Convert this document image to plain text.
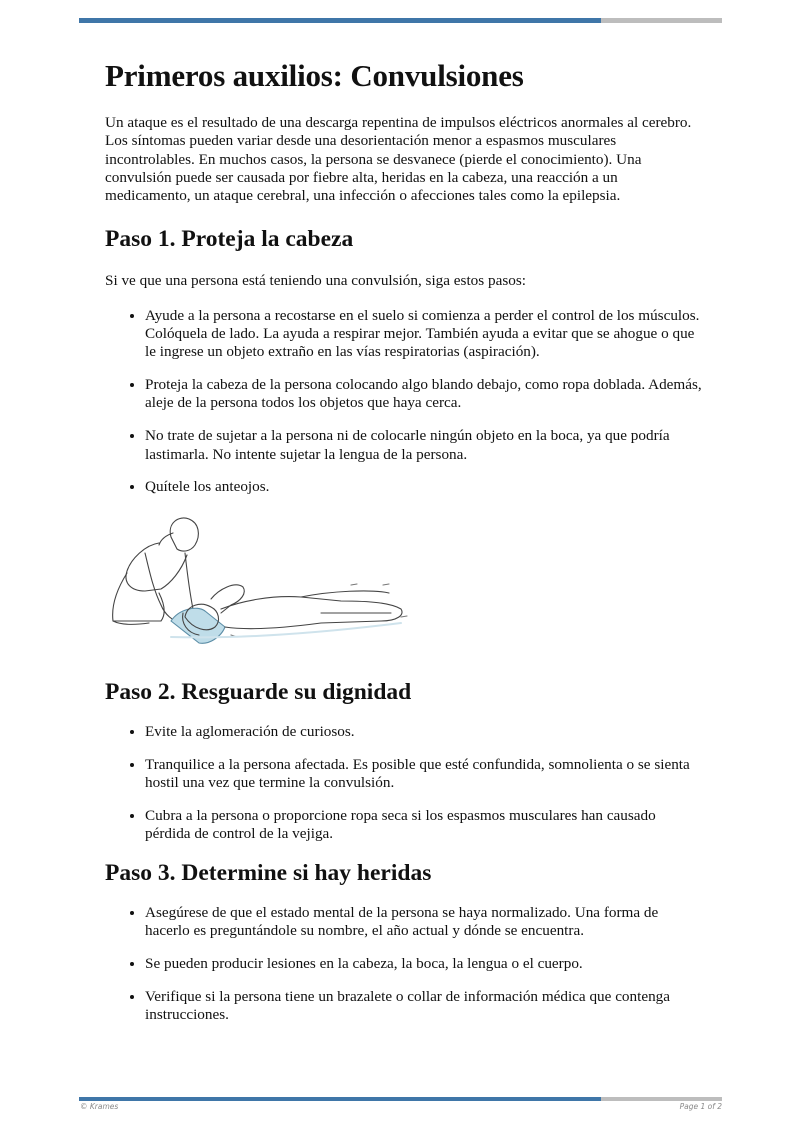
Primeros auxilios: Convulsiones

Un ataque es el resultado de una descarga repentina de impulsos eléctricos anormales al cerebro. Los síntomas pueden variar desde una desorientación menor a espasmos musculares incontrolables. En muchos casos, la persona se desvanece (pierde el conocimiento). Una convulsión puede ser causada por fiebre alta, heridas en la cabeza, una reacción a un medicamento, un ataque cerebral, una infección o afecciones tales como la epilepsia.

Paso 1. Proteja la cabeza

Si ve que una persona está teniendo una convulsión, siga estos pasos:

• Ayude a la persona a recostarse en el suelo si comienza a perder el control de los músculos. Colóquela de lado. La ayuda a respirar mejor. También ayuda a evitar que se ahogue o que le ingrese un objeto extraño en las vías respiratorias (aspiración).
• Proteja la cabeza de la persona colocando algo blando debajo, como ropa doblada. Además, aleje de la persona todos los objetos que haya cerca.
• No trate de sujetar a la persona ni de colocarle ningún objeto en la boca, ya que podría lastimarla. No intente sujetar la lengua de la persona.
• Quítele los anteojos.
Paso 2. Resguarde su dignidad
• Evite la aglomeración de curiosos.
• Tranquilice a la persona afectada. Es posible que esté confundida, somnolienta o se sienta hostil una vez que termine la convulsión.
• Cubra a la persona o proporcione ropa seca si los espasmos musculares han causado pérdida de control de la vejiga.
Paso 3. Determine si hay heridas
• Asegúrese de que el estado mental de la persona se haya normalizado. Una forma de hacerlo es preguntándole su nombre, el año actual y dónde se encuentra.
• Se pueden producir lesiones en la cabeza, la boca, la lengua o el cuerpo.
• Verifique si la persona tiene un brazalete o collar de información médica que contenga instrucciones.
© Krames	Page 1 of 2
